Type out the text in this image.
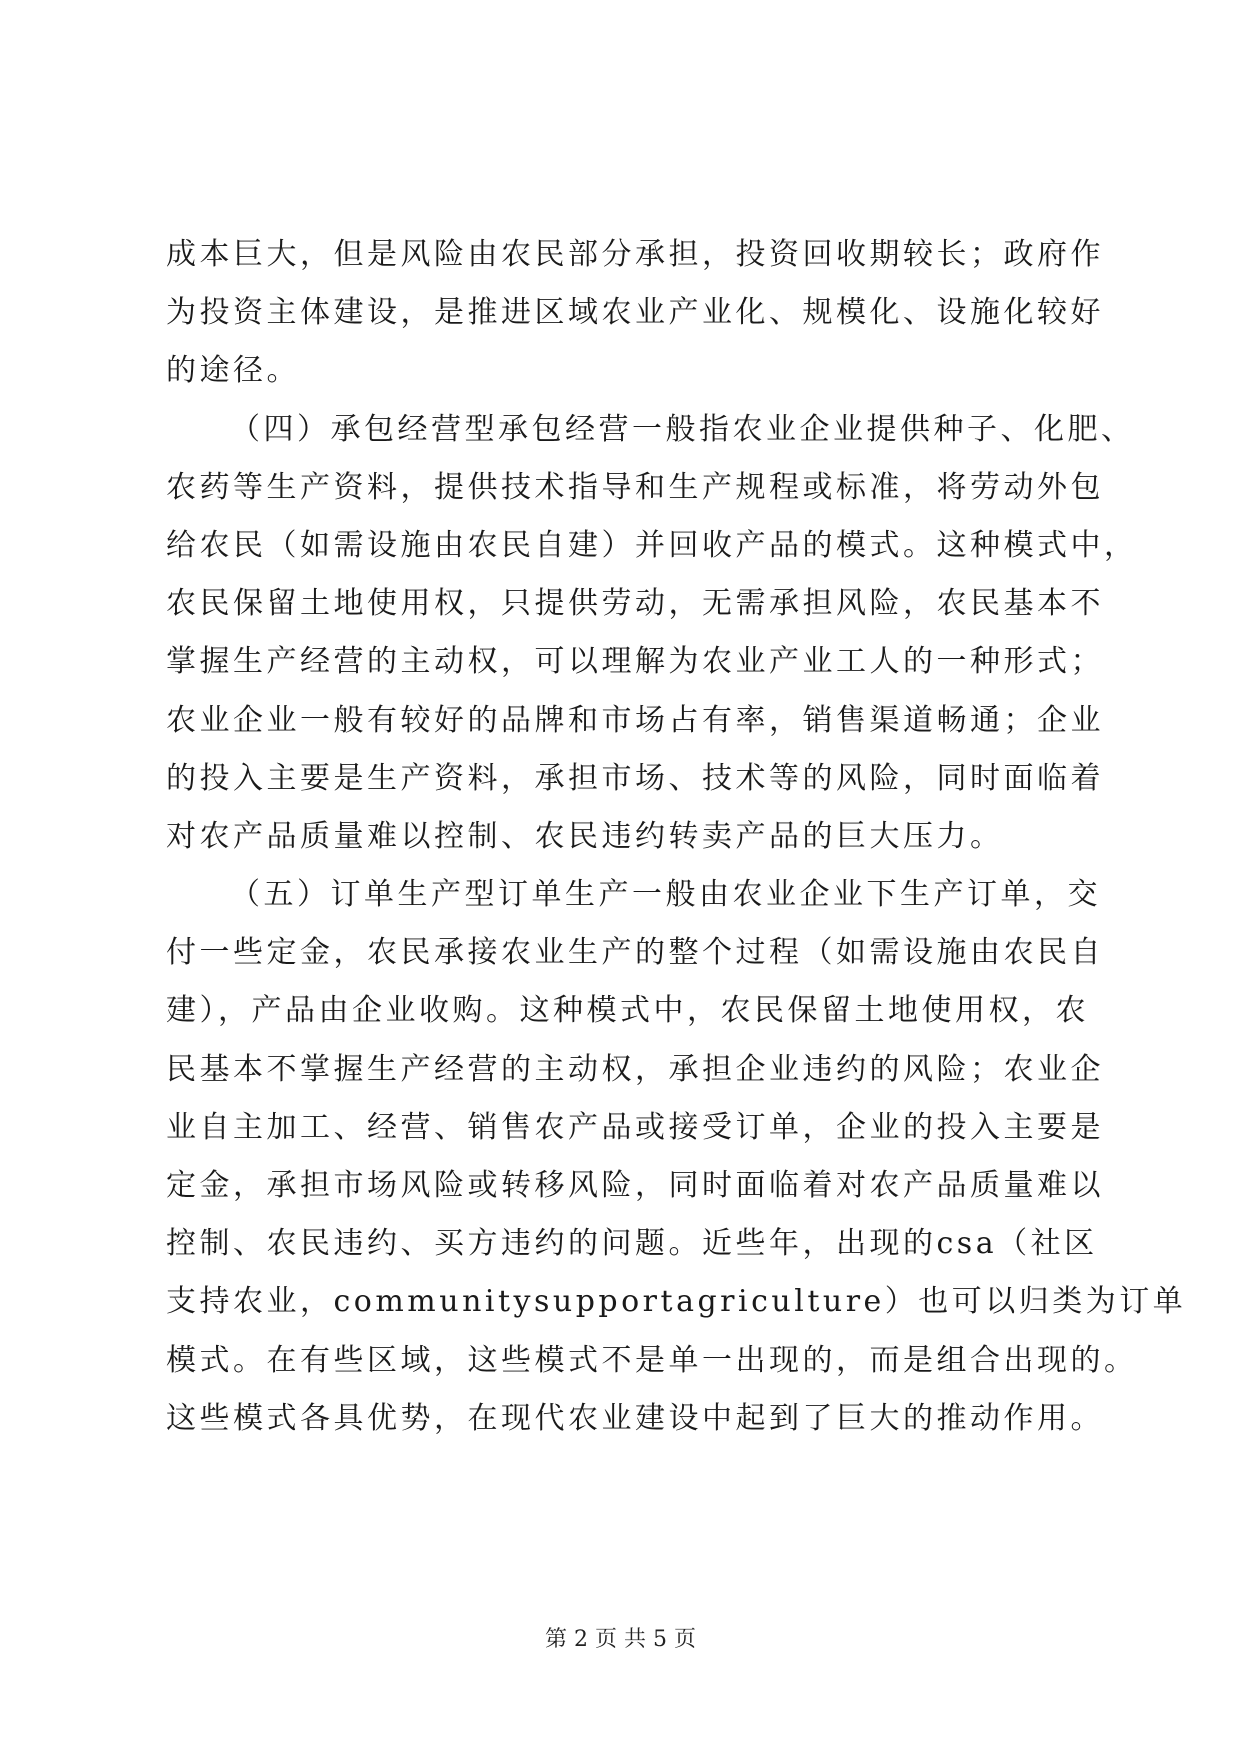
成本巨大，但是风险由农民部分承担，投资回收期较长；政府作
为投资主体建设，是推进区域农业产业化、规模化、设施化较好
的途径。
（四）承包经营型承包经营一般指农业企业提供种子、化肥、
农药等生产资料，提供技术指导和生产规程或标准，将劳动外包
给农民（如需设施由农民自建）并回收产品的模式。这种模式中，
农民保留土地使用权，只提供劳动，无需承担风险，农民基本不
掌握生产经营的主动权，可以理解为农业产业工人的一种形式；
农业企业一般有较好的品牌和市场占有率，销售渠道畅通；企业
的投入主要是生产资料，承担市场、技术等的风险，同时面临着
对农产品质量难以控制、农民违约转卖产品的巨大压力。
（五）订单生产型订单生产一般由农业企业下生产订单，交
付一些定金，农民承接农业生产的整个过程（如需设施由农民自
建），产品由企业收购。这种模式中，农民保留土地使用权，农
民基本不掌握生产经营的主动权，承担企业违约的风险；农业企
业自主加工、经营、销售农产品或接受订单，企业的投入主要是
定金，承担市场风险或转移风险，同时面临着对农产品质量难以
控制、农民违约、买方违约的问题。近些年，出现的csa（社区
支持农业，communitysupportagriculture）也可以归类为订单
模式。在有些区域，这些模式不是单一出现的，而是组合出现的。
这些模式各具优势，在现代农业建设中起到了巨大的推动作用。
第 2 页 共 5 页
